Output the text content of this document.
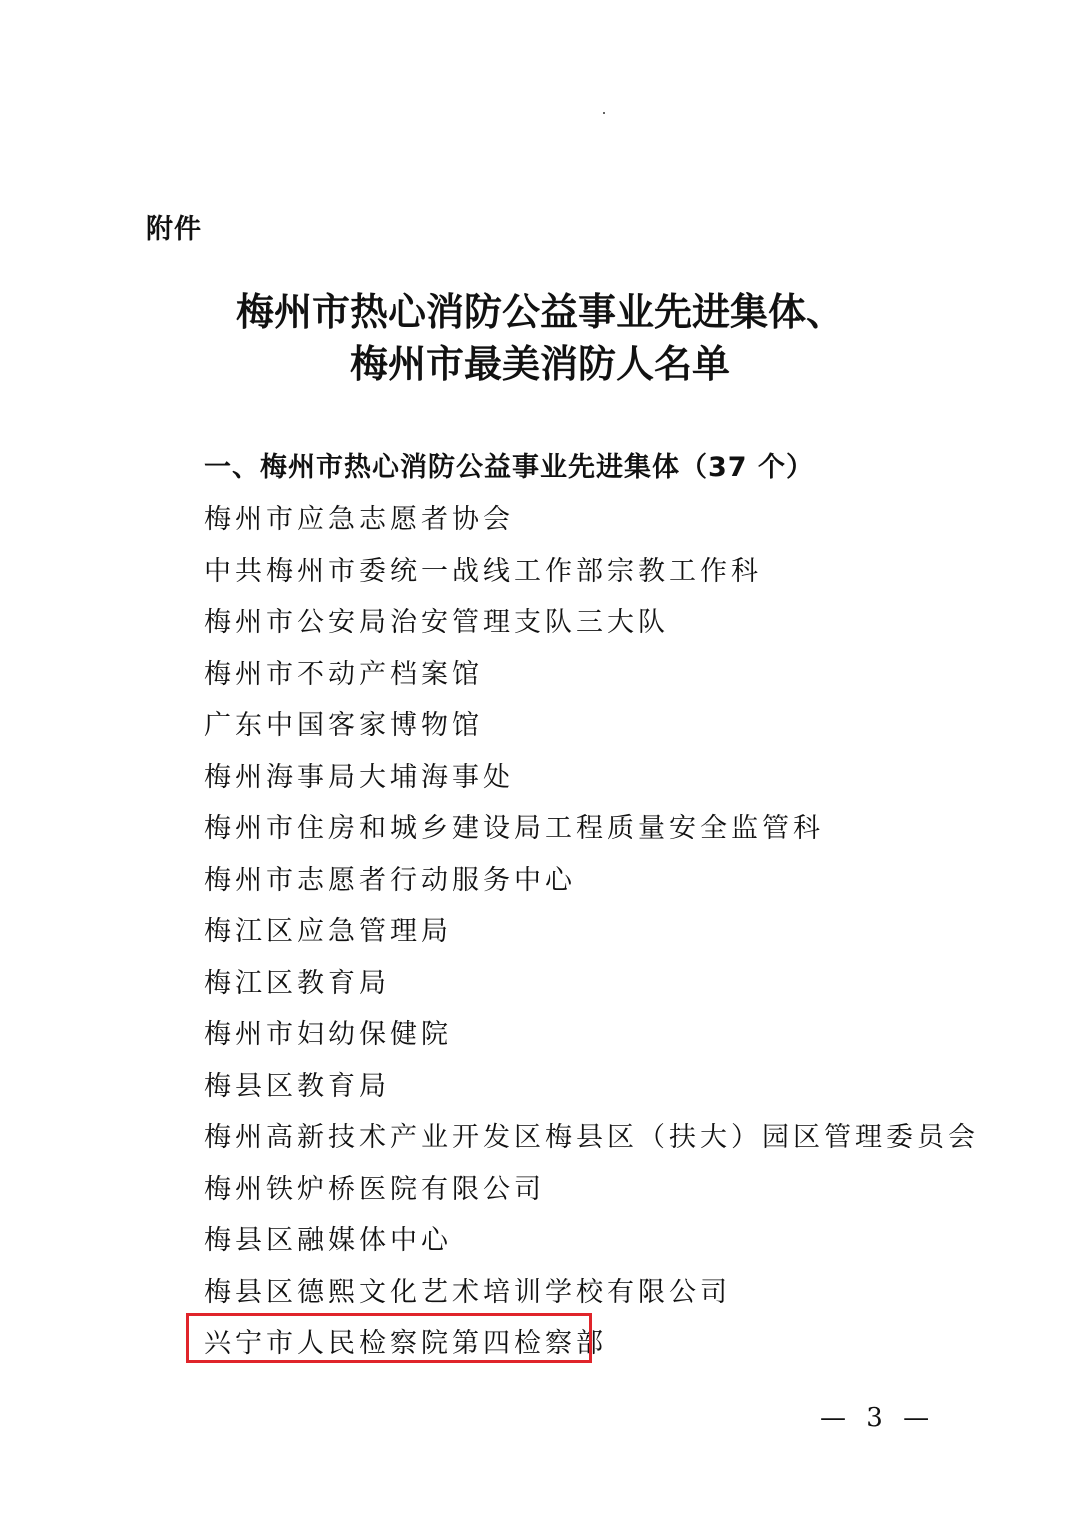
附件
梅州市热心消防公益事业先进集体、
梅州市最美消防人名单
一、梅州市热心消防公益事业先进集体（37 个）
梅州市应急志愿者协会
中共梅州市委统一战线工作部宗教工作科
梅州市公安局治安管理支队三大队
梅州市不动产档案馆
广东中国客家博物馆
梅州海事局大埔海事处
梅州市住房和城乡建设局工程质量安全监管科
梅州市志愿者行动服务中心
梅江区应急管理局
梅江区教育局
梅州市妇幼保健院
梅县区教育局
梅州高新技术产业开发区梅县区（扶大）园区管理委员会
梅州铁炉桥医院有限公司
梅县区融媒体中心
梅县区德熙文化艺术培训学校有限公司
兴宁市人民检察院第四检察部
— 3 —
